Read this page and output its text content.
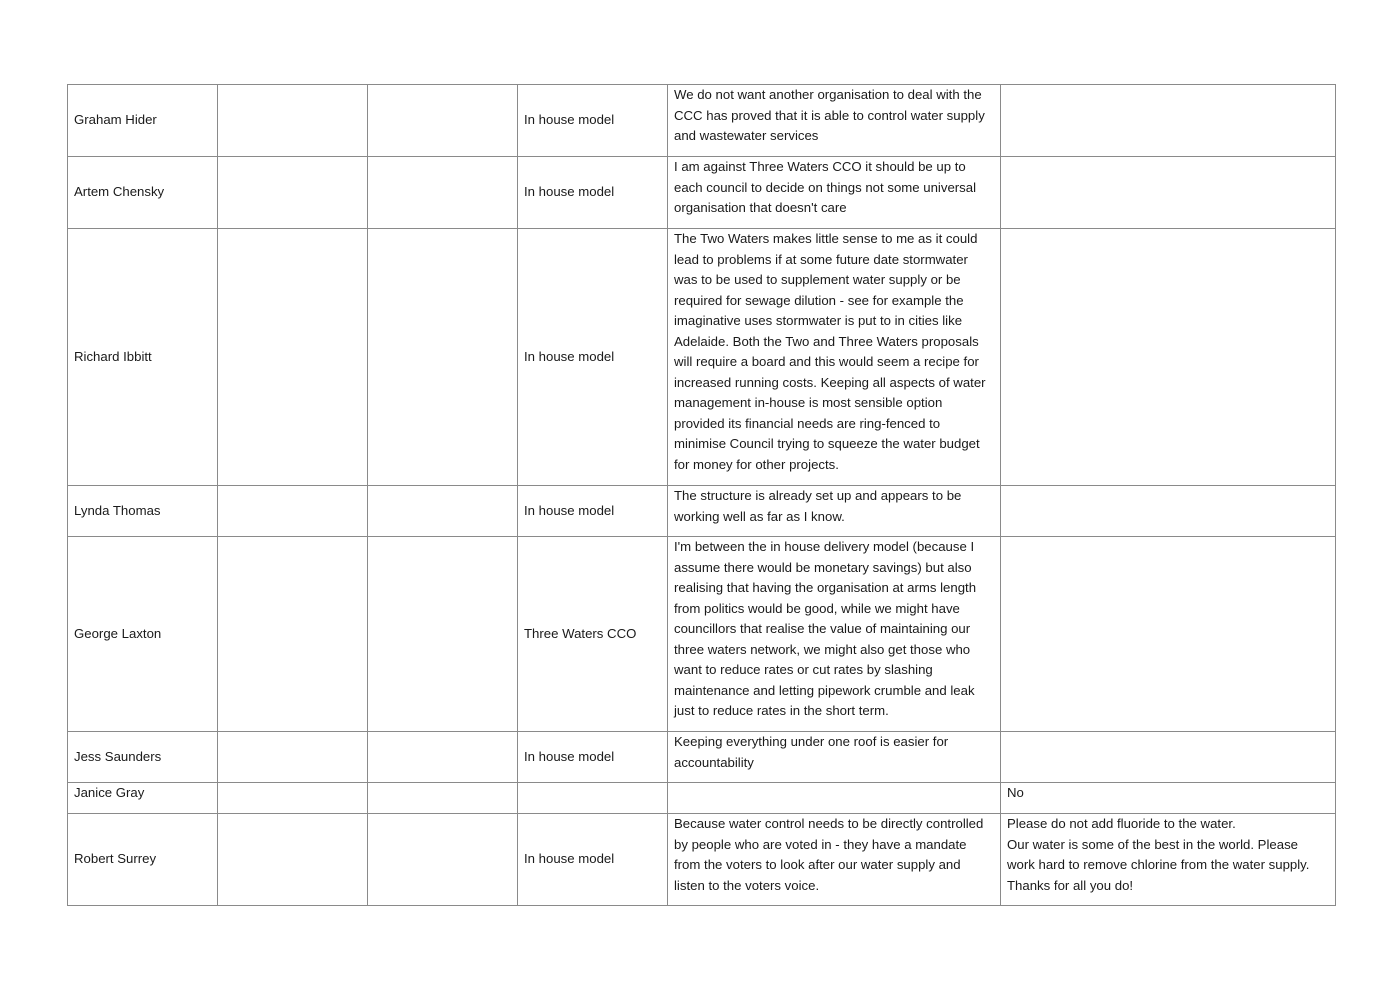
Graham Hider			In house model	We do not want another organisation to deal with the CCC has proved that it is able to control water supply and wastewater services	
Artem Chensky			In house model	I am against Three Waters CCO it should be up to each council to decide on things not some universal organisation that doesn't care	
Richard Ibbitt			In house model	The Two Waters makes little sense to me as it could lead to problems if at some future date stormwater was to be used to supplement water supply or be required for sewage dilution - see for example the imaginative uses stormwater is put to in cities like Adelaide. Both the Two and Three Waters proposals will require a board and this would seem a recipe for increased running costs. Keeping all aspects of water management in-house is most sensible option provided its financial needs are ring-fenced to minimise Council trying to squeeze the water budget for money for other projects.	
Lynda Thomas			In house model	The structure is already set up and appears to be working well as far as I know.	
George Laxton			Three Waters CCO	I'm between the in house delivery model (because I assume there would be monetary savings) but also realising that having the organisation at arms length from politics would be good, while we might have councillors that realise the value of maintaining our three waters network, we might also get those who want to reduce rates or cut rates by slashing maintenance and letting pipework crumble and leak just to reduce rates in the short term.	
Jess Saunders			In house model	Keeping everything under one roof is easier for accountability	
Janice Gray					No
Robert Surrey			In house model	Because water control needs to be directly controlled by people who are voted in - they have a mandate from the voters to look after our water supply and listen to the voters voice.	Please do not add fluoride to the water.
Our water is some of the best in the world. Please work hard to remove chlorine from the water supply. Thanks for all you do!
